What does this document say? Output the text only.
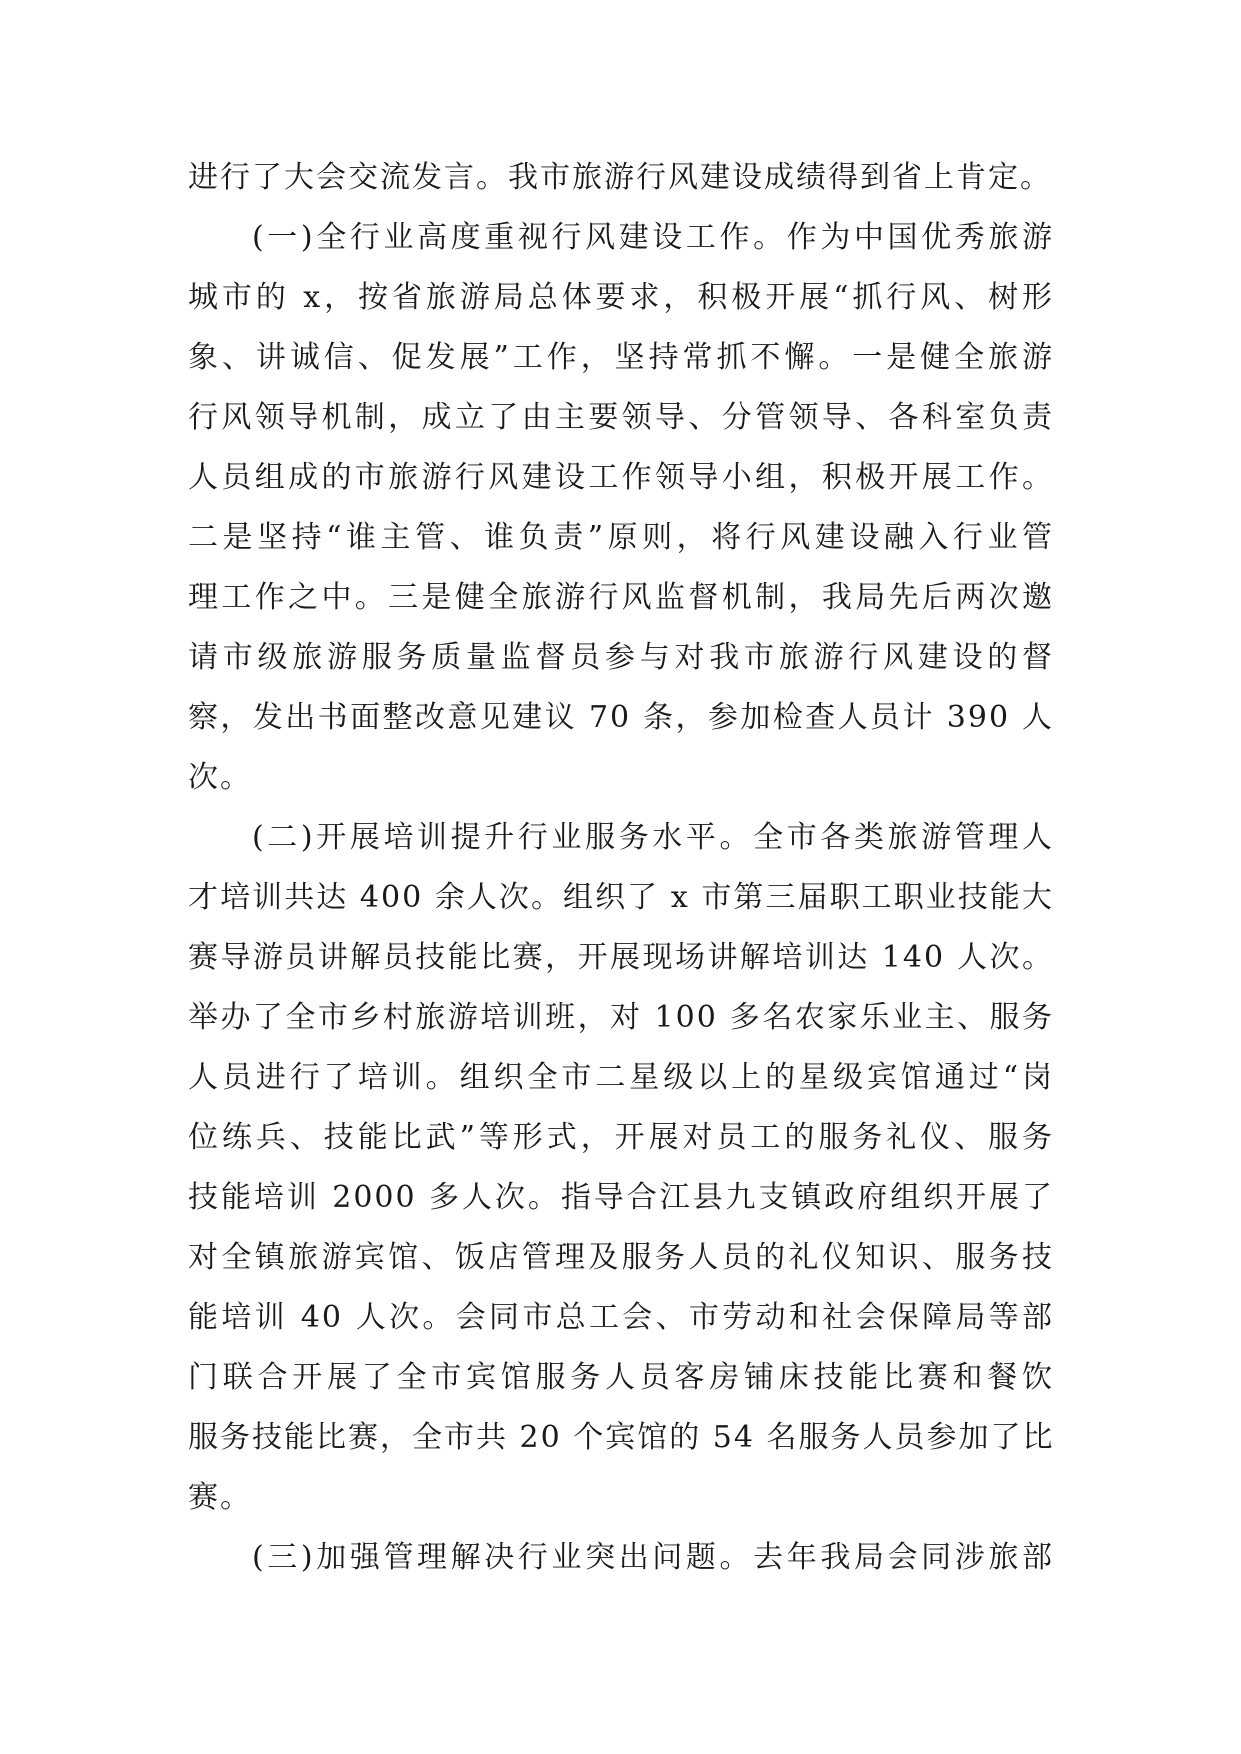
进行了大会交流发言。我市旅游行风建设成绩得到省上肯定。
(一)全行业高度重视行风建设工作。作为中国优秀旅游
城市的 x，按省旅游局总体要求，积极开展“抓行风、树形
象、讲诚信、促发展”工作，坚持常抓不懈。一是健全旅游
行风领导机制，成立了由主要领导、分管领导、各科室负责
人员组成的市旅游行风建设工作领导小组，积极开展工作。
二是坚持“谁主管、谁负责”原则，将行风建设融入行业管
理工作之中。三是健全旅游行风监督机制，我局先后两次邀
请市级旅游服务质量监督员参与对我市旅游行风建设的督
察，发出书面整改意见建议 70 条，参加检查人员计 390 人
次。
(二)开展培训提升行业服务水平。全市各类旅游管理人
才培训共达 400 余人次。组织了 x 市第三届职工职业技能大
赛导游员讲解员技能比赛，开展现场讲解培训达 140 人次。
举办了全市乡村旅游培训班，对 100 多名农家乐业主、服务
人员进行了培训。组织全市二星级以上的星级宾馆通过“岗
位练兵、技能比武”等形式，开展对员工的服务礼仪、服务
技能培训 2000 多人次。指导合江县九支镇政府组织开展了
对全镇旅游宾馆、饭店管理及服务人员的礼仪知识、服务技
能培训 40 人次。会同市总工会、市劳动和社会保障局等部
门联合开展了全市宾馆服务人员客房铺床技能比赛和餐饮
服务技能比赛，全市共 20 个宾馆的 54 名服务人员参加了比
赛。
(三)加强管理解决行业突出问题。去年我局会同涉旅部
